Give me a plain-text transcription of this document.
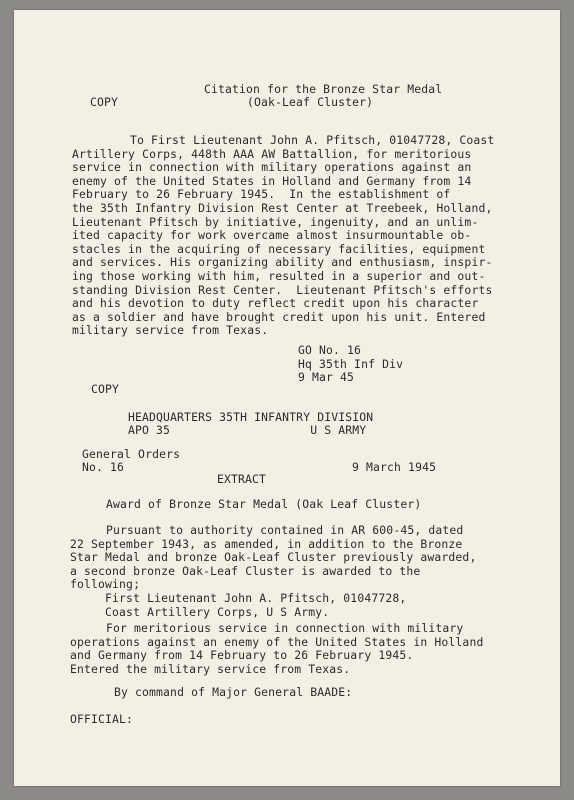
COPY
Citation for the Bronze Star Medal
(Oak-Leaf Cluster)
To First Lieutenant John A. Pfitsch, 01047728, Coast
Artillery Corps, 448th AAA AW Battallion, for meritorious
service in connection with military operations against an
enemy of the United States in Holland and Germany from 14
February to 26 February 1945.  In the establishment of
the 35th Infantry Division Rest Center at Treebeek, Holland,
Lieutenant Pfitsch by initiative, ingenuity, and an unlim-
ited capacity for work overcame almost insurmountable ob-
stacles in the acquiring of necessary facilities, equipment
and services. His organizing ability and enthusiasm, inspir-
ing those working with him, resulted in a superior and out-
standing Division Rest Center.  Lieutenant Pfitsch's efforts
and his devotion to duty reflect credit upon his character
as a soldier and have brought credit upon his unit. Entered
military service from Texas.
GO No. 16
Hq 35th Inf Div
9 Mar 45
COPY
HEADQUARTERS 35TH INFANTRY DIVISION
APO 35                    U S ARMY
General Orders
No. 16	9 March 1945
EXTRACT
Award of Bronze Star Medal (Oak Leaf Cluster)
Pursuant to authority contained in AR 600-45, dated
22 September 1943, as amended, in addition to the Bronze
Star Medal and bronze Oak-Leaf Cluster previously awarded,
a second bronze Oak-Leaf Cluster is awarded to the
following;
First Lieutenant John A. Pfitsch, 01047728,
Coast Artillery Corps, U S Army.
For meritorious service in connection with military
operations against an enemy of the United States in Holland
and Germany from 14 February to 26 February 1945.
Entered the military service from Texas.
By command of Major General BAADE:
OFFICIAL:
